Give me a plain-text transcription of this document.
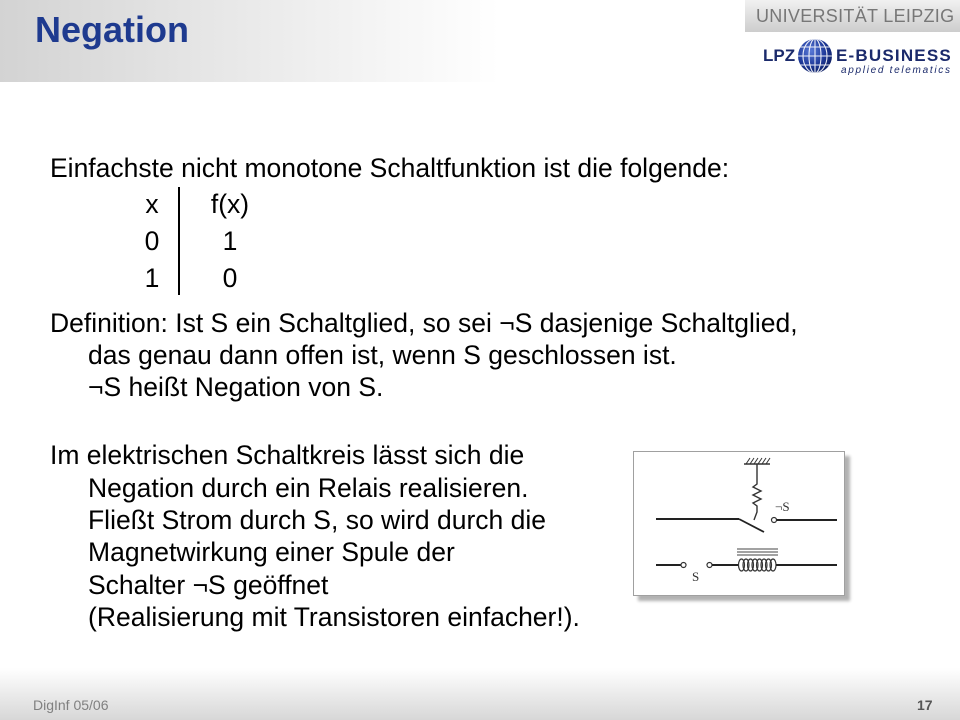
Negation	UNIVERSITÄT LEIPZIG
LPZ E-BUSINESS
applied telematics
Einfachste nicht monotone Schaltfunktion ist die folgende:
x	f(x)
0	1
1	0
Definition: Ist S ein Schaltglied, so sei ¬S dasjenige Schaltglied,
das genau dann offen ist, wenn S geschlossen ist.
¬S heißt Negation von S.
Im elektrischen Schaltkreis lässt sich die
Negation durch ein Relais realisieren.
Fließt Strom durch S, so wird durch die
Magnetwirkung einer Spule der
Schalter ¬S geöffnet
(Realisierung mit Transistoren einfacher!).
¬S
S
DigInf 05/06	17
